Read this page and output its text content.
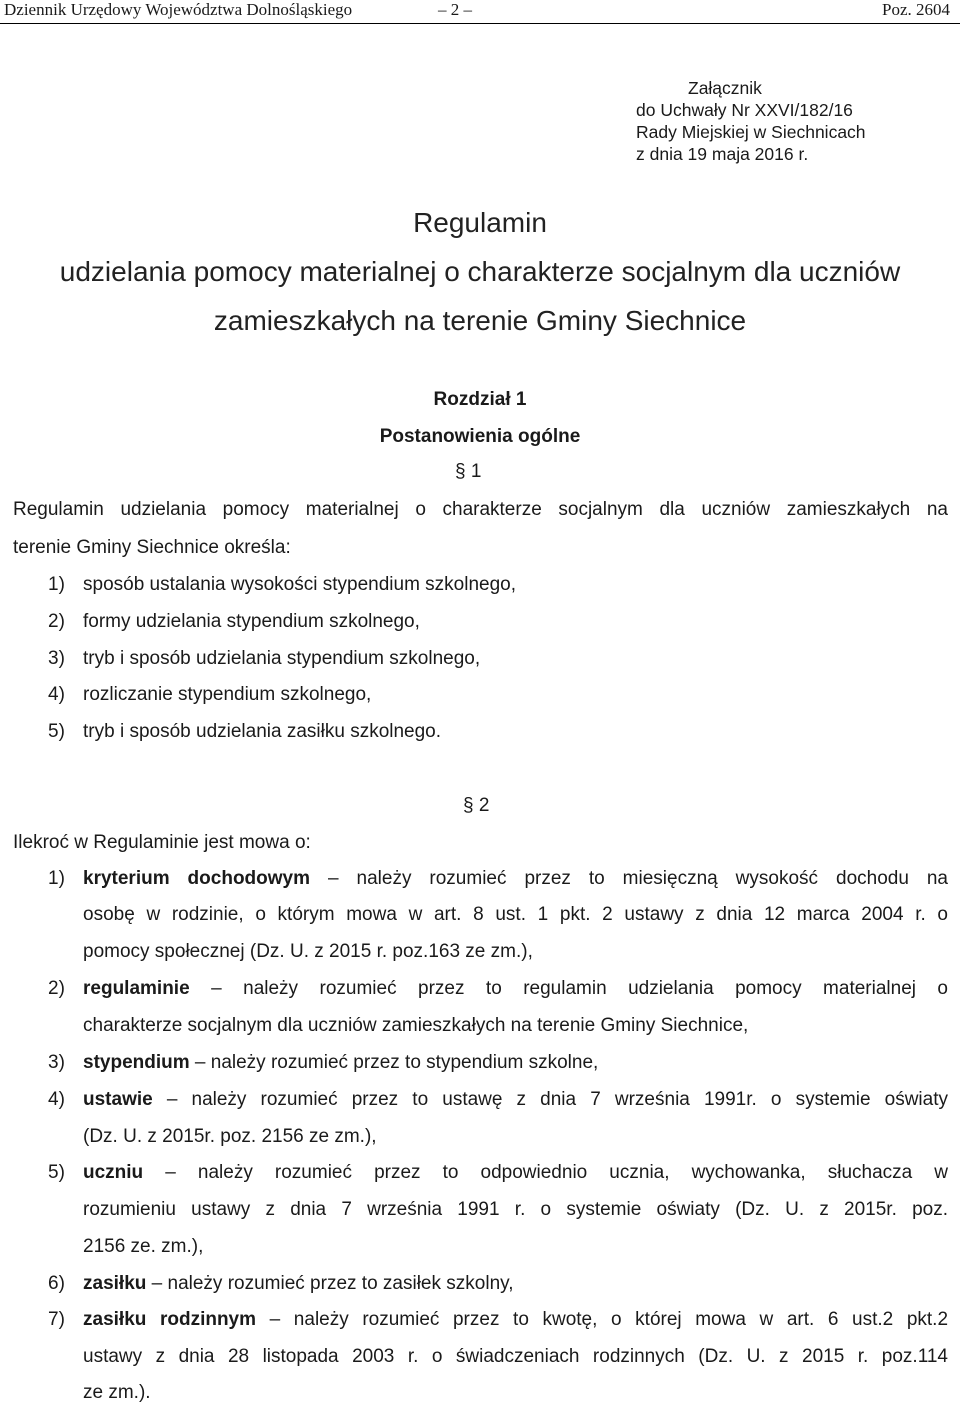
Dziennik Urzędowy Województwa Dolnośląskiego	– 2 –	Poz. 2604
Załącznik
do Uchwały Nr XXVI/182/16
Rady Miejskiej w Siechnicach
z dnia 19 maja 2016 r.
Regulamin
udzielania pomocy materialnej o charakterze socjalnym dla uczniów
zamieszkałych na terenie Gminy Siechnice
Rozdział 1
Postanowienia ogólne
§ 1
Regulamin udzielania pomocy materialnej o charakterze socjalnym dla uczniów zamieszkałych na
terenie Gminy Siechnice określa:
1) sposób ustalania wysokości stypendium szkolnego,
2) formy udzielania stypendium szkolnego,
3) tryb i sposób udzielania stypendium szkolnego,
4) rozliczanie stypendium szkolnego,
5) tryb i sposób udzielania zasiłku szkolnego.
§ 2
Ilekroć w Regulaminie jest mowa o:
1) kryterium dochodowym – należy rozumieć przez to miesięczną wysokość dochodu na
osobę w rodzinie, o którym mowa w art. 8 ust. 1 pkt. 2 ustawy z dnia 12 marca 2004 r. o
pomocy społecznej (Dz. U. z 2015 r. poz.163 ze zm.),
2) regulaminie – należy rozumieć przez to regulamin udzielania pomocy materialnej o
charakterze socjalnym dla uczniów zamieszkałych na terenie Gminy Siechnice,
3) stypendium – należy rozumieć przez to stypendium szkolne,
4) ustawie – należy rozumieć przez to ustawę z dnia 7 września 1991r. o systemie oświaty
(Dz. U. z 2015r. poz. 2156 ze zm.),
5) uczniu – należy rozumieć przez to odpowiednio ucznia, wychowanka, słuchacza w
rozumieniu ustawy z dnia 7 września 1991 r. o systemie oświaty (Dz. U. z 2015r. poz.
2156 ze. zm.),
6) zasiłku – należy rozumieć przez to zasiłek szkolny,
7) zasiłku rodzinnym – należy rozumieć przez to kwotę, o której mowa w art. 6 ust.2 pkt.2
ustawy z dnia 28 listopada 2003 r. o świadczeniach rodzinnych (Dz. U. z 2015 r. poz.114
ze zm.).
